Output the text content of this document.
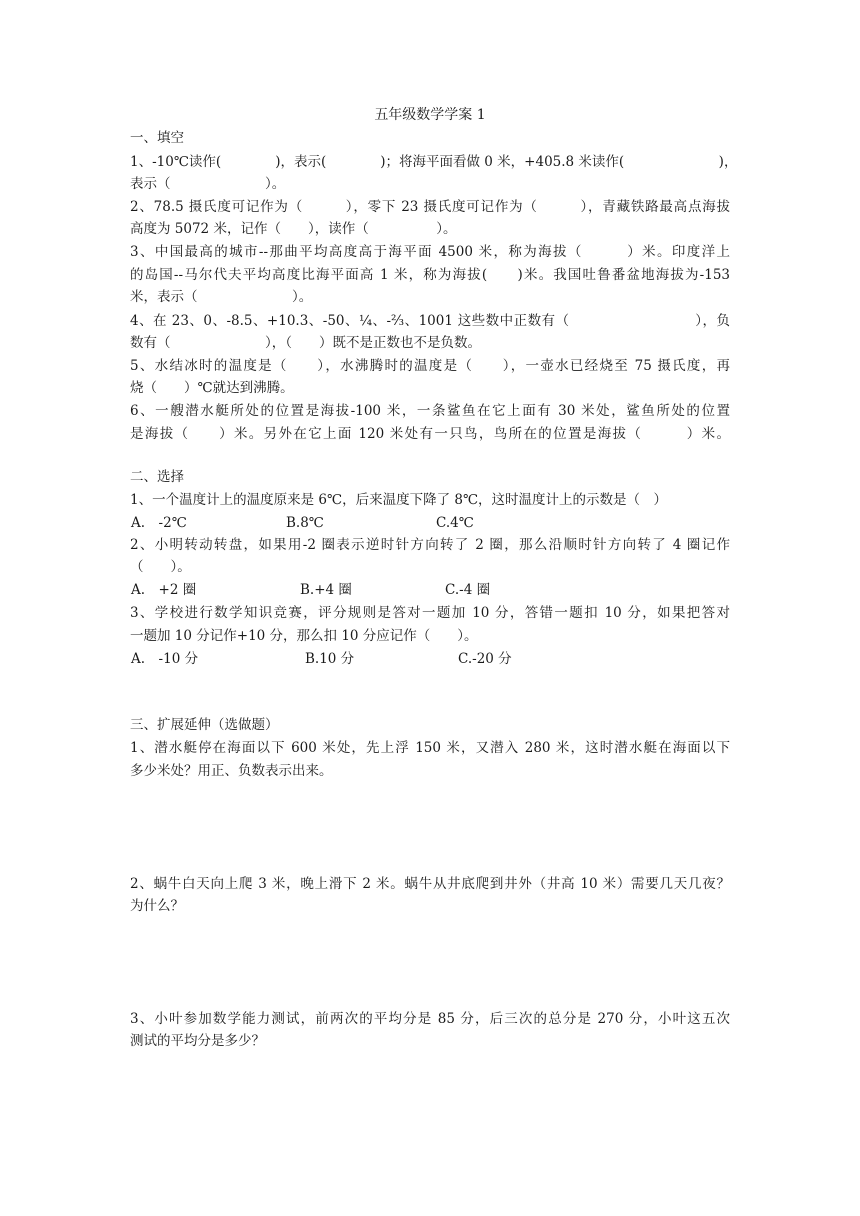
五年级数学学案 1
一、填空
1、-10℃读作(　　　　)，表示(　　　　)；将海平面看做 0 米，+405.8 米读作(　　　　　　　)，
表示（　　　　　　　）。
2、78.5 摄氏度可记作为（　　　），零下 23 摄氏度可记作为（　　　），青藏铁路最高点海拔
高度为 5072 米，记作（　　），读作（　　　　　）。
3、中国最高的城市--那曲平均高度高于海平面 4500 米，称为海拔（　　　）米。印度洋上
的岛国--马尔代夫平均高度比海平面高 1 米，称为海拔(　　)米。我国吐鲁番盆地海拔为-153
米，表示（　　　　　　　）。
4、在 23、0、-8.5、+10.3、-50、¼、-⅔、1001 这些数中正数有（　　　　　　　　　），负
数有（　　　　　　　），（　　）既不是正数也不是负数。
5、水结冰时的温度是（　　），水沸腾时的温度是（　　），一壶水已经烧至 75 摄氏度，再
烧（　　）℃就达到沸腾。
6、一艘潜水艇所处的位置是海拔-100 米，一条鲨鱼在它上面有 30 米处，鲨鱼所处的位置
是海拔（　　）米。另外在它上面 120 米处有一只鸟，鸟所在的位置是海拔（　　　）米。
二、选择
1、一个温度计上的温度原来是 6℃，后来温度下降了 8℃，这时温度计上的示数是（　）
A.　-2℃	B.8℃	C.4℃
2、小明转动转盘，如果用-2 圈表示逆时针方向转了 2 圈，那么沿顺时针方向转了 4 圈记作
（　　）。
A.　+2 圈	B.+4 圈	C.-4 圈
3、学校进行数学知识竞赛，评分规则是答对一题加 10 分，答错一题扣 10 分，如果把答对
一题加 10 分记作+10 分，那么扣 10 分应记作（　　）。
A.　-10 分	B.10 分	C.-20 分
三、扩展延伸（选做题）
1、潜水艇停在海面以下 600 米处，先上浮 150 米，又潜入 280 米，这时潜水艇在海面以下
多少米处？用正、负数表示出来。
2、蜗牛白天向上爬 3 米，晚上滑下 2 米。蜗牛从井底爬到井外（井高 10 米）需要几天几夜？
为什么？
3、小叶参加数学能力测试，前两次的平均分是 85 分，后三次的总分是 270 分，小叶这五次
测试的平均分是多少？
